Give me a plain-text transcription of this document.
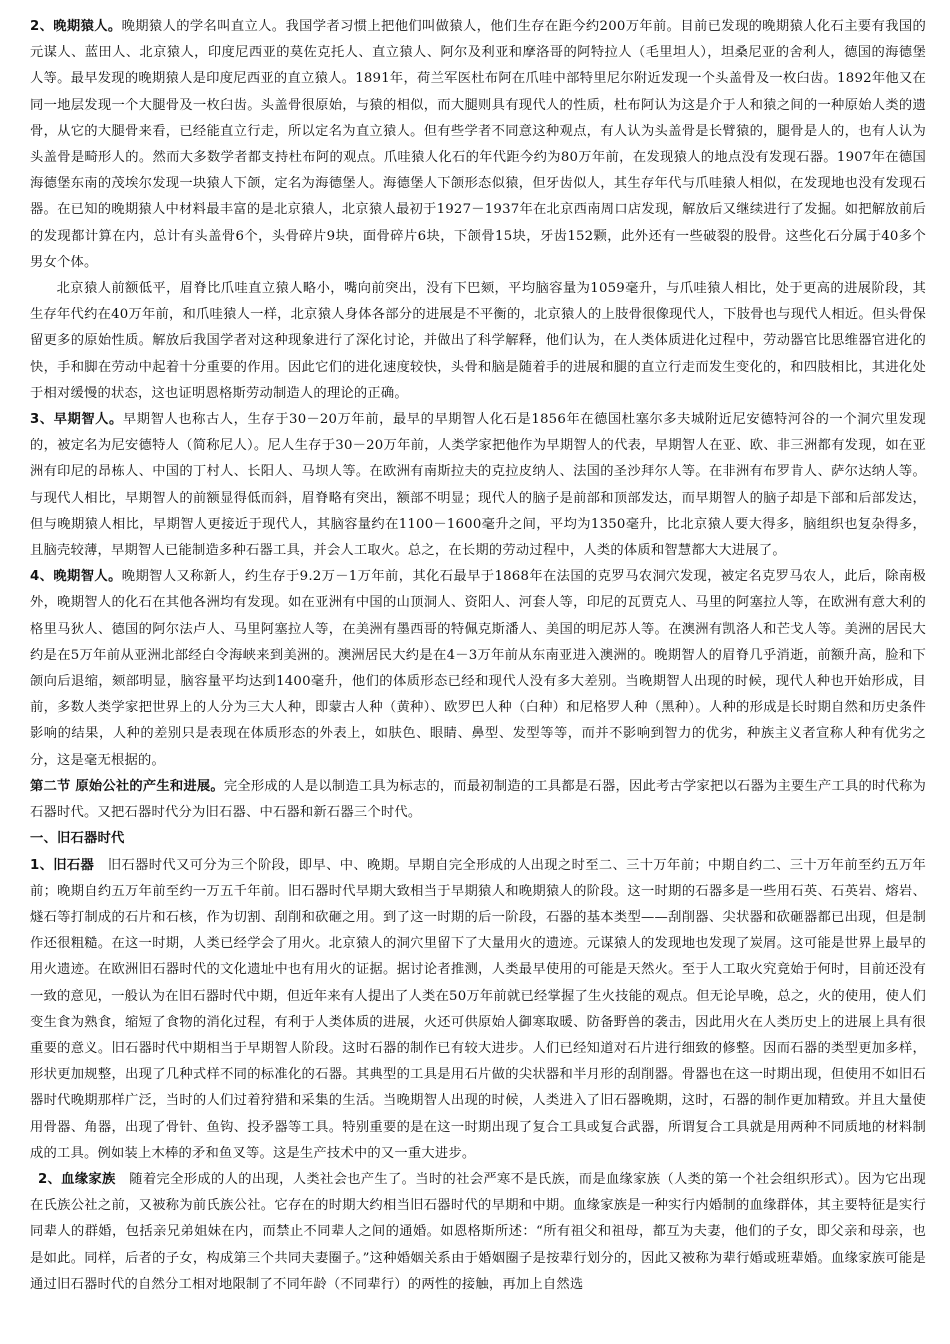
2、晚期猿人。晚期猿人的学名叫直立人。我国学者习惯上把他们叫做猿人，他们生存在距今约200万年前。目前已发现的晚期猿人化石主要有我国的元谋人、蓝田人、北京猿人，印度尼西亚的莫佐克托人、直立猿人、阿尔及利亚和摩洛哥的阿特拉人（毛里坦人），坦桑尼亚的舍利人，德国的海德堡人等。最早发现的晚期猿人是印度尼西亚的直立猿人。1891年，荷兰军医杜布阿在爪哇中部特里尼尔附近发现一个头盖骨及一枚臼齿。1892年他又在同一地层发现一个大腿骨及一枚臼齿。头盖骨很原始，与猿的相似，而大腿则具有现代人的性质，杜布阿认为这是介于人和猿之间的一种原始人类的遗骨，从它的大腿骨来看，已经能直立行走，所以定名为直立猿人。但有些学者不同意这种观点，有人认为头盖骨是长臂猿的，腿骨是人的，也有人认为头盖骨是畸形人的。然而大多数学者都支持杜布阿的观点。爪哇猿人化石的年代距今约为80万年前，在发现猿人的地点没有发现石器。1907年在德国海德堡东南的茂埃尔发现一块猿人下颌，定名为海德堡人。海德堡人下颌形态似猿，但牙齿似人，其生存年代与爪哇猿人相似，在发现地也没有发现石器。在已知的晚期猿人中材料最丰富的是北京猿人，北京猿人最初于1927－1937年在北京西南周口店发现，解放后又继续进行了发掘。如把解放前后的发现都计算在内，总计有头盖骨6个，头骨碎片9块，面骨碎片6块，下颌骨15块，牙齿152颗，此外还有一些破裂的股骨。这些化石分属于40多个男女个体。

北京猿人前额低平，眉脊比爪哇直立猿人略小，嘴向前突出，没有下巴颏，平均脑容量为1059毫升，与爪哇猿人相比，处于更高的进展阶段，其生存年代约在40万年前，和爪哇猿人一样，北京猿人身体各部分的进展是不平衡的，北京猿人的上肢骨很像现代人，下肢骨也与现代人相近。但头骨保留更多的原始性质。解放后我国学者对这种现象进行了深化讨论，并做出了科学解释，他们认为，在人类体质进化过程中，劳动器官比思维器官进化的快，手和脚在劳动中起着十分重要的作用。因此它们的进化速度较快，头骨和脑是随着手的进展和腿的直立行走而发生变化的，和四肢相比，其进化处于相对缓慢的状态，这也证明恩格斯劳动制造人的理论的正确。

3、早期智人。早期智人也称古人，生存于30－20万年前，最早的早期智人化石是1856年在德国杜塞尔多夫城附近尼安德特河谷的一个洞穴里发现的，被定名为尼安德特人（简称尼人）。尼人生存于30－20万年前，人类学家把他作为早期智人的代表，早期智人在亚、欧、非三洲都有发现，如在亚洲有印尼的昂栋人、中国的丁村人、长阳人、马坝人等。在欧洲有南斯拉夫的克拉皮纳人、法国的圣沙拜尔人等。在非洲有布罗肯人、萨尔达纳人等。与现代人相比，早期智人的前额显得低而斜，眉脊略有突出，额部不明显；现代人的脑子是前部和顶部发达，而早期智人的脑子却是下部和后部发达，但与晚期猿人相比，早期智人更接近于现代人，其脑容量约在1100－1600毫升之间，平均为1350毫升，比北京猿人要大得多，脑组织也复杂得多，且脑壳较薄，早期智人已能制造多种石器工具，并会人工取火。总之，在长期的劳动过程中，人类的体质和智慧都大大进展了。

4、晚期智人。晚期智人又称新人，约生存于9.2万－1万年前，其化石最早于1868年在法国的克罗马农洞穴发现，被定名克罗马农人，此后，除南极外，晚期智人的化石在其他各洲均有发现。如在亚洲有中国的山顶洞人、资阳人、河套人等，印尼的瓦贾克人、马里的阿塞拉人等，在欧洲有意大利的格里马狄人、德国的阿尔法卢人、马里阿塞拉人等，在美洲有墨西哥的特佩克斯潘人、美国的明尼苏人等。在澳洲有凯洛人和芒戈人等。美洲的居民大约是在5万年前从亚洲北部经白令海峡来到美洲的。澳洲居民大约是在4－3万年前从东南亚进入澳洲的。晚期智人的眉脊几乎消逝，前额升高，脸和下颌向后退缩，颏部明显，脑容量平均达到1400毫升，他们的体质形态已经和现代人没有多大差别。当晚期智人出现的时候，现代人种也开始形成，目前，多数人类学家把世界上的人分为三大人种，即蒙古人种（黄种）、欧罗巴人种（白种）和尼格罗人种（黑种）。人种的形成是长时期自然和历史条件影响的结果，人种的差别只是表现在体质形态的外表上，如肤色、眼睛、鼻型、发型等等，而并不影响到智力的优劣，种族主义者宣称人种有优劣之分，这是毫无根据的。

第二节 原始公社的产生和进展。完全形成的人是以制造工具为标志的，而最初制造的工具都是石器，因此考古学家把以石器为主要生产工具的时代称为石器时代。又把石器时代分为旧石器、中石器和新石器三个时代。

一、旧石器时代

1、旧石器 旧石器时代又可分为三个阶段，即早、中、晚期。早期自完全形成的人出现之时至二、三十万年前；中期自约二、三十万年前至约五万年前；晚期自约五万年前至约一万五千年前。旧石器时代早期大致相当于早期猿人和晚期猿人的阶段。这一时期的石器多是一些用石英、石英岩、熔岩、燧石等打制成的石片和石核，作为切割、刮削和砍砸之用。到了这一时期的后一阶段，石器的基本类型——刮削器、尖状器和砍砸器都已出现，但是制作还很粗糙。在这一时期，人类已经学会了用火。北京猿人的洞穴里留下了大量用火的遗迹。元谋猿人的发现地也发现了炭屑。这可能是世界上最早的用火遗迹。在欧洲旧石器时代的文化遗址中也有用火的证据。据讨论者推测，人类最早使用的可能是天然火。至于人工取火究竟始于何时，目前还没有一致的意见，一般认为在旧石器时代中期，但近年来有人提出了人类在50万年前就已经掌握了生火技能的观点。但无论早晚，总之，火的使用，使人们变生食为熟食，缩短了食物的消化过程，有利于人类体质的进展，火还可供原始人御寒取暖、防备野兽的袭击，因此用火在人类历史上的进展上具有很重要的意义。旧石器时代中期相当于早期智人阶段。这时石器的制作已有较大进步。人们已经知道对石片进行细致的修整。因而石器的类型更加多样，形状更加规整，出现了几种式样不同的标准化的石器。其典型的工具是用石片做的尖状器和半月形的刮削器。骨器也在这一时期出现，但使用不如旧石器时代晚期那样广泛，当时的人们过着狩猎和采集的生活。当晚期智人出现的时候，人类进入了旧石器晚期，这时，石器的制作更加精致。并且大量使用骨器、角器，出现了骨针、鱼钩、投矛器等工具。特别重要的是在这一时期出现了复合工具或复合武器，所谓复合工具就是用两种不同质地的材料制成的工具。例如装上木棒的矛和鱼叉等。这是生产技术中的又一重大进步。

2、血缘家族 随着完全形成的人的出现，人类社会也产生了。当时的社会严寒不是氏族，而是血缘家族（人类的第一个社会组织形式）。因为它出现在氏族公社之前，又被称为前氏族公社。它存在的时期大约相当旧石器时代的早期和中期。血缘家族是一种实行内婚制的血缘群体，其主要特征是实行同辈人的群婚，包括亲兄弟姐妹在内，而禁止不同辈人之间的通婚。如恩格斯所述：“所有祖父和祖母，都互为夫妻，他们的子女，即父亲和母亲，也是如此。同样，后者的子女，构成第三个共同夫妻圈子。”这种婚姻关系由于婚姻圈子是按辈行划分的，因此又被称为辈行婚或班辈婚。血缘家族可能是通过旧石器时代的自然分工相对地限制了不同年龄（不同辈行）的两性的接触，再加上自然选
